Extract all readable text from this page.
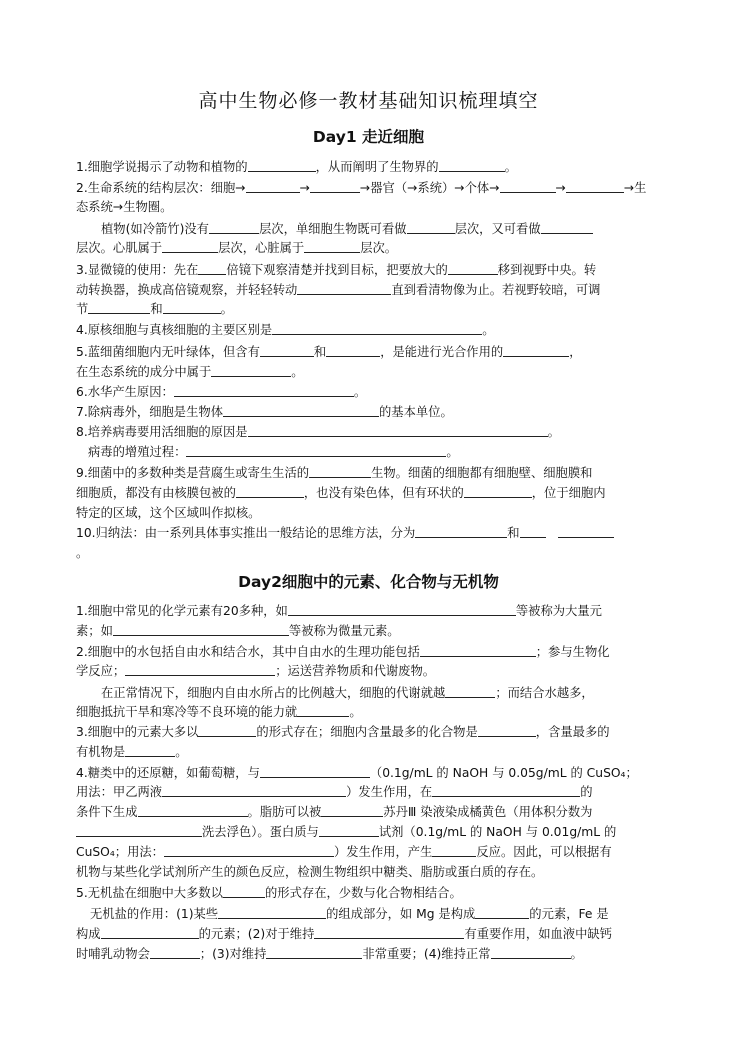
高中生物必修一教材基础知识梳理填空
Day1 走近细胞
Day2细胞中的元素、化合物与无机物
1.细胞学说揭示了动物和植物的	，从而阐明了生物界的	。
2.生命系统的结构层次：细胞→	→	→器官（→系统）→个体→	→	→生
态系统→生物圈。
植物(如冷箭竹)没有	层次，单细胞生物既可看做	层次，又可看做
层次。心肌属于	层次，心脏属于	层次。
3.显微镜的使用：先在 倍镜下观察清楚并找到目标，把要放大的	移到视野中央。转
动转换器，换成高倍镜观察，并轻轻转动	直到看清物像为止。若视野较暗，可调
节	和	。
4.原核细胞与真核细胞的主要区别是	。
5.蓝细菌细胞内无叶绿体，但含有	和	，是能进行光合作用的	，
在生态系统的成分中属于	。
6.水华产生原因：	。
7.除病毒外，细胞是生物体	的基本单位。
8.培养病毒要用活细胞的原因是	。
病毒的增殖过程：	。
9.细菌中的多数种类是营腐生或寄生生活的	生物。细菌的细胞都有细胞壁、细胞膜和
细胞质，都没有由核膜包被的	，也没有染色体，但有环状的	，位于细胞内
特定的区域，这个区域叫作拟核。
10.归纳法：由一系列具体事实推出一般结论的思维方法，分为	和
。
1.细胞中常见的化学元素有20多种，如	等被称为大量元
素；如	等被称为微量元素。
2.细胞中的水包括自由水和结合水，其中自由水的生理功能包括	；参与生物化
学反应；	；运送营养物质和代谢废物。
在正常情况下，细胞内自由水所占的比例越大，细胞的代谢就越	；而结合水越多，
细胞抵抗干旱和寒冷等不良环境的能力就	。
3.细胞中的元素大多以	的形式存在；细胞内含量最多的化合物是	，含量最多的
有机物是	。
4.糖类中的还原糖，如葡萄糖，与	（0.1g/mL 的 NaOH 与 0.05g/mL 的 CuSO₄；
用法：甲乙两液	）发生作用，在	的
条件下生成	。脂肪可以被	苏丹Ⅲ 染液染成橘黄色（用体积分数为
洗去浮色）。蛋白质与	试剂（0.1g/mL 的 NaOH 与 0.01g/mL 的
CuSO₄；用法：	）发生作用，产生	反应。因此，可以根据有
机物与某些化学试剂所产生的颜色反应，检测生物组织中糖类、脂肪或蛋白质的存在。
5.无机盐在细胞中大多数以	的形式存在，少数与化合物相结合。
无机盐的作用：(1)某些	的组成部分，如 Mg 是构成	的元素，Fe 是
构成	的元素；(2)对于维持	有重要作用，如血液中缺钙
时哺乳动物会	；(3)对维持	非常重要；(4)维持正常	。
